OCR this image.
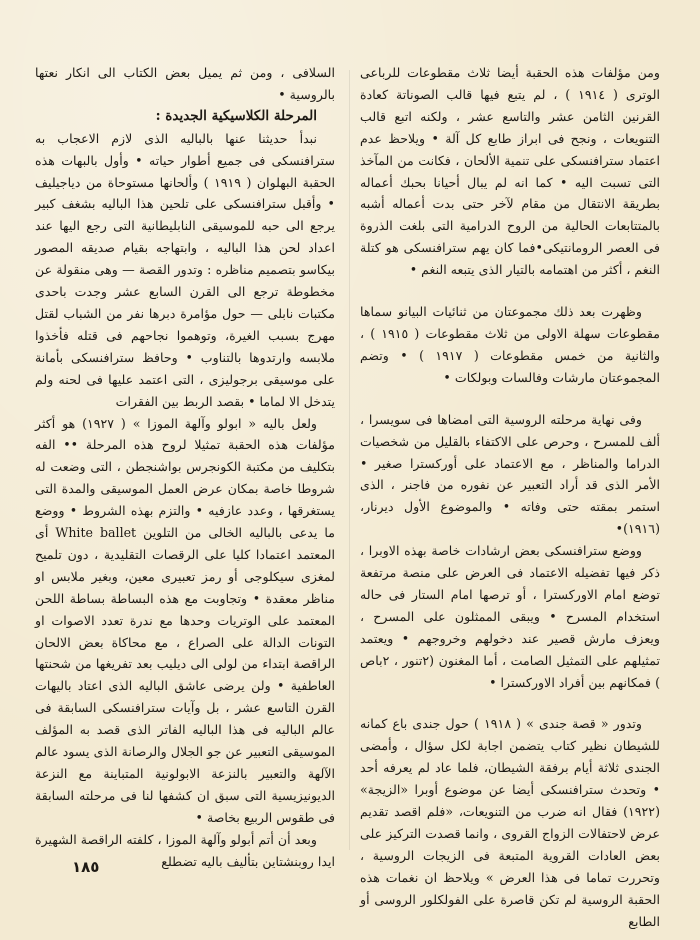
ومن مؤلفات هذه الحقبة أيضا ثلاث مقطوعات للرباعى الوترى ( ١٩١٤ ) ، لم يتبع فيها قالب الصوناتة كعادة القرنين الثامن عشر والتاسع عشر ، ولكنه اتبع قالب التنويعات ، ونجح فى ابراز طابع كل آلة • ويلاحظ عدم اعتماد سترافنسكى على تنمية الألحان ، فكانت من المآخذ التى تسبت اليه • كما انه لم يبال أحيانا بحبك أعماله بطريقة الانتقال من مقام لآخر حتى بدت أعماله أشبه بالمتتابعات الحالية من الروح الدرامية التى بلغت الذروة فى العصر الرومانتيكى•فما كان يهم سترافنسكى هو كتلة النغم ، أكثر من اهتمامه بالتيار الذى يتبعه النغم •

وظهرت بعد ذلك مجموعتان من ثنائيات البيانو سماها مقطوعات سهلة الاولى من ثلاث مقطوعات ( ١٩١٥ ) ، والثانية من خمس مقطوعات ( ١٩١٧ ) • وتضم المجموعتان مارشات وفالسات وبولكات •

وفى نهاية مرحلته الروسية التى امضاها فى سويسرا ، ألف للمسرح ، وحرص على الاكتفاء بالقليل من شخصيات الدراما والمناظر ، مع الاعتماد على أوركسترا صغير • الأمر الذى قد أراد التعبير عن نفوره من فاجنر ، الذى استمر بمقته حتى وفاته • والموضوع الأول ديرنار، (١٩١٦)•

ووضع سترافنسكى بعض ارشادات خاصة بهذه الاوبرا ، ذكر فيها تفضيله الاعتماد فى العرض على منصة مرتفعة توضع امام الاوركسترا ، أو ترصها امام الستار فى حاله استخدام المسرح • ويبقى الممثلون على المسرح ، ويعزف مارش قصير عند دخولهم وخروجهم • ويعتمد تمثيلهم على التمثيل الصامت ، أما المغنون (٢تنور ، ٢باص ) فمكانهم بين أفراد الاوركسترا •

وتدور « قصة جندى » ( ١٩١٨ ) حول جندى باع كمانه للشيطان نظير كتاب يتضمن اجابة لكل سؤال ، وأمضى الجندى ثلاثة أيام برفقة الشيطان، فلما عاد لم يعرفه أحد • وتحدث سترافنسكى أيضا عن موضوع أوبرا «الزيجة» (١٩٢٢) فقال انه ضرب من التنويعات، «فلم اقصد تقديم عرض لاحتفالات الزواج القروى ، وانما قصدت التركيز على بعض العادات القروية المتبعة فى الزيجات الروسية ، وتحررت تماما فى هذا العرض » ويلاحظ ان نغمات هذه الحقبة الروسية لم تكن قاصرة على الفولكلور الروسى أو الطابع

السلافى ، ومن ثم يميل بعض الكتاب الى انكار نعتها بالروسية •

المرحلة الكلاسيكية الجديدة :

نبدأ حديثنا عنها بالباليه الذى لازم الاعجاب به سترافنسكى فى جميع أطوار حياته • وأول بالبهات هذه الحقبة البهلوان ( ١٩١٩ ) وألحانها مستوحاة من دياجيليف • وأقبل سترافنسكى على تلحين هذا الباليه بشغف كبير يرجع الى حبه للموسيقى النابليطانية التى رجع اليها عند اعداد لحن هذا الباليه ، وابتهاجه بقيام صديقه المصور بيكاسو بتصميم مناظره : وتدور القصة — وهى منقولة عن مخطوطة ترجع الى القرن السابع عشر وجدت باحدى مكتبات نابلى — حول مؤامرة دبرها نفر من الشباب لقتل مهرج بسبب الغيرة، وتوهموا نجاحهم فى قتله فأخذوا ملابسه وارتدوها بالتناوب • وحافظ سترافنسكى بأمانة على موسيقى برجوليزى ، التى اعتمد عليها فى لحنه ولم يتدخل الا لماما • بقصد الربط بين الفقرات

ولعل باليه « ابولو وآلهة الموزا » ( ١٩٢٧) هو أكثر مؤلفات هذه الحقبة تمثيلا لروح هذه المرحلة •• الفه بتكليف من مكتبة الكونجرس بواشنجطن ، التى وضعت له شروطا خاصة بمكان عرض العمل الموسيقى والمدة التى يستغرقها ، وعدد عازفيه • والتزم بهذه الشروط • ووضع ما يدعى بالباليه الخالى من التلوين White ballet أى المعتمد اعتمادا كليا على الرقصات التقليدية ، دون تلميح لمغزى سيكلوجى أو رمز تعبيرى معين، وبغير ملابس او مناظر معقدة • وتجاوبت مع هذه البساطة بساطة اللحن المعتمد على الوتريات وحدها مع ندرة تعدد الاصوات او التونات الدالة على الصراع ، مع محاكاة بعض الالحان الراقصة ابتداء من لولى الى ديليب بعد تفريغها من شحنتها العاطفية • ولن يرضى عاشق الباليه الذى اعتاد باليهات القرن التاسع عشر ، بل وآيات سترافنسكى السابقة فى عالم الباليه فى هذا الباليه الفاتر الذى قصد به المؤلف الموسيقى التعبير عن جو الجلال والرصانة الذى يسود عالم الآلهة والتعبير بالنزعة الابولونية المتباينة مع النزعة الديونيزيسية التى سبق ان كشفها لنا فى مرحلته السابقة فى طقوس الربيع بخاصة •

وبعد أن أتم أبولو وآلهة الموزا ، كلفته الراقصة الشهيرة ايدا روبنشتاين بتأليف باليه تضطلع

١٨٥
